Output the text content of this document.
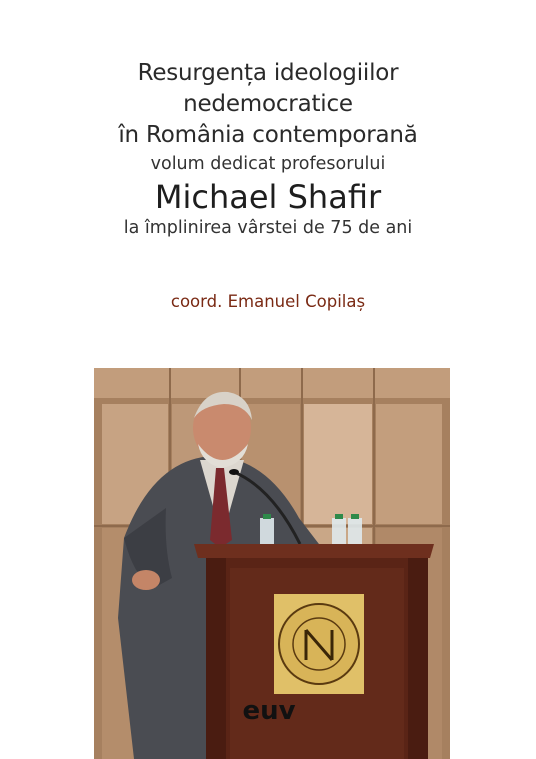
Resurgența ideologiilor
nedemocratice
în România contemporană
volum dedicat profesorului
Michael Shafir
la împlinirea vârstei de 75 de ani
coord. Emanuel Copilaș
euv
